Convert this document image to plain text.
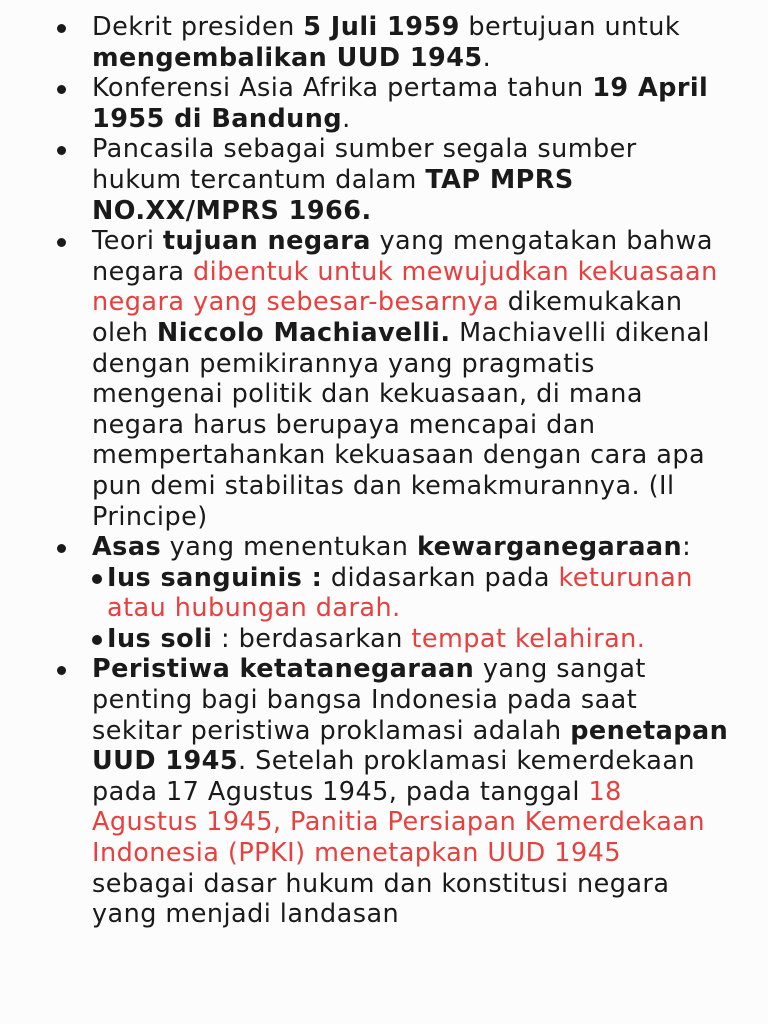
Dekrit presiden 5 Juli 1959 bertujuan untuk mengembalikan UUD 1945.
Konferensi Asia Afrika pertama tahun 19 April 1955 di Bandung.
Pancasila sebagai sumber segala sumber hukum tercantum dalam TAP MPRS NO.XX/MPRS 1966.
Teori tujuan negara yang mengatakan bahwa negara dibentuk untuk mewujudkan kekuasaan negara yang sebesar-besarnya dikemukakan oleh Niccolo Machiavelli. Machiavelli dikenal dengan pemikirannya yang pragmatis mengenai politik dan kekuasaan, di mana negara harus berupaya mencapai dan mempertahankan kekuasaan dengan cara apa pun demi stabilitas dan kemakmurannya. (Il Principe)
Asas yang menentukan kewarganegaraan:
Ius sanguinis : didasarkan pada keturunan atau hubungan darah.
Ius soli : berdasarkan tempat kelahiran.
Peristiwa ketatanegaraan yang sangat penting bagi bangsa Indonesia pada saat sekitar peristiwa proklamasi adalah penetapan UUD 1945. Setelah proklamasi kemerdekaan pada 17 Agustus 1945, pada tanggal 18 Agustus 1945, Panitia Persiapan Kemerdekaan Indonesia (PPKI) menetapkan UUD 1945 sebagai dasar hukum dan konstitusi negara yang menjadi landasan
